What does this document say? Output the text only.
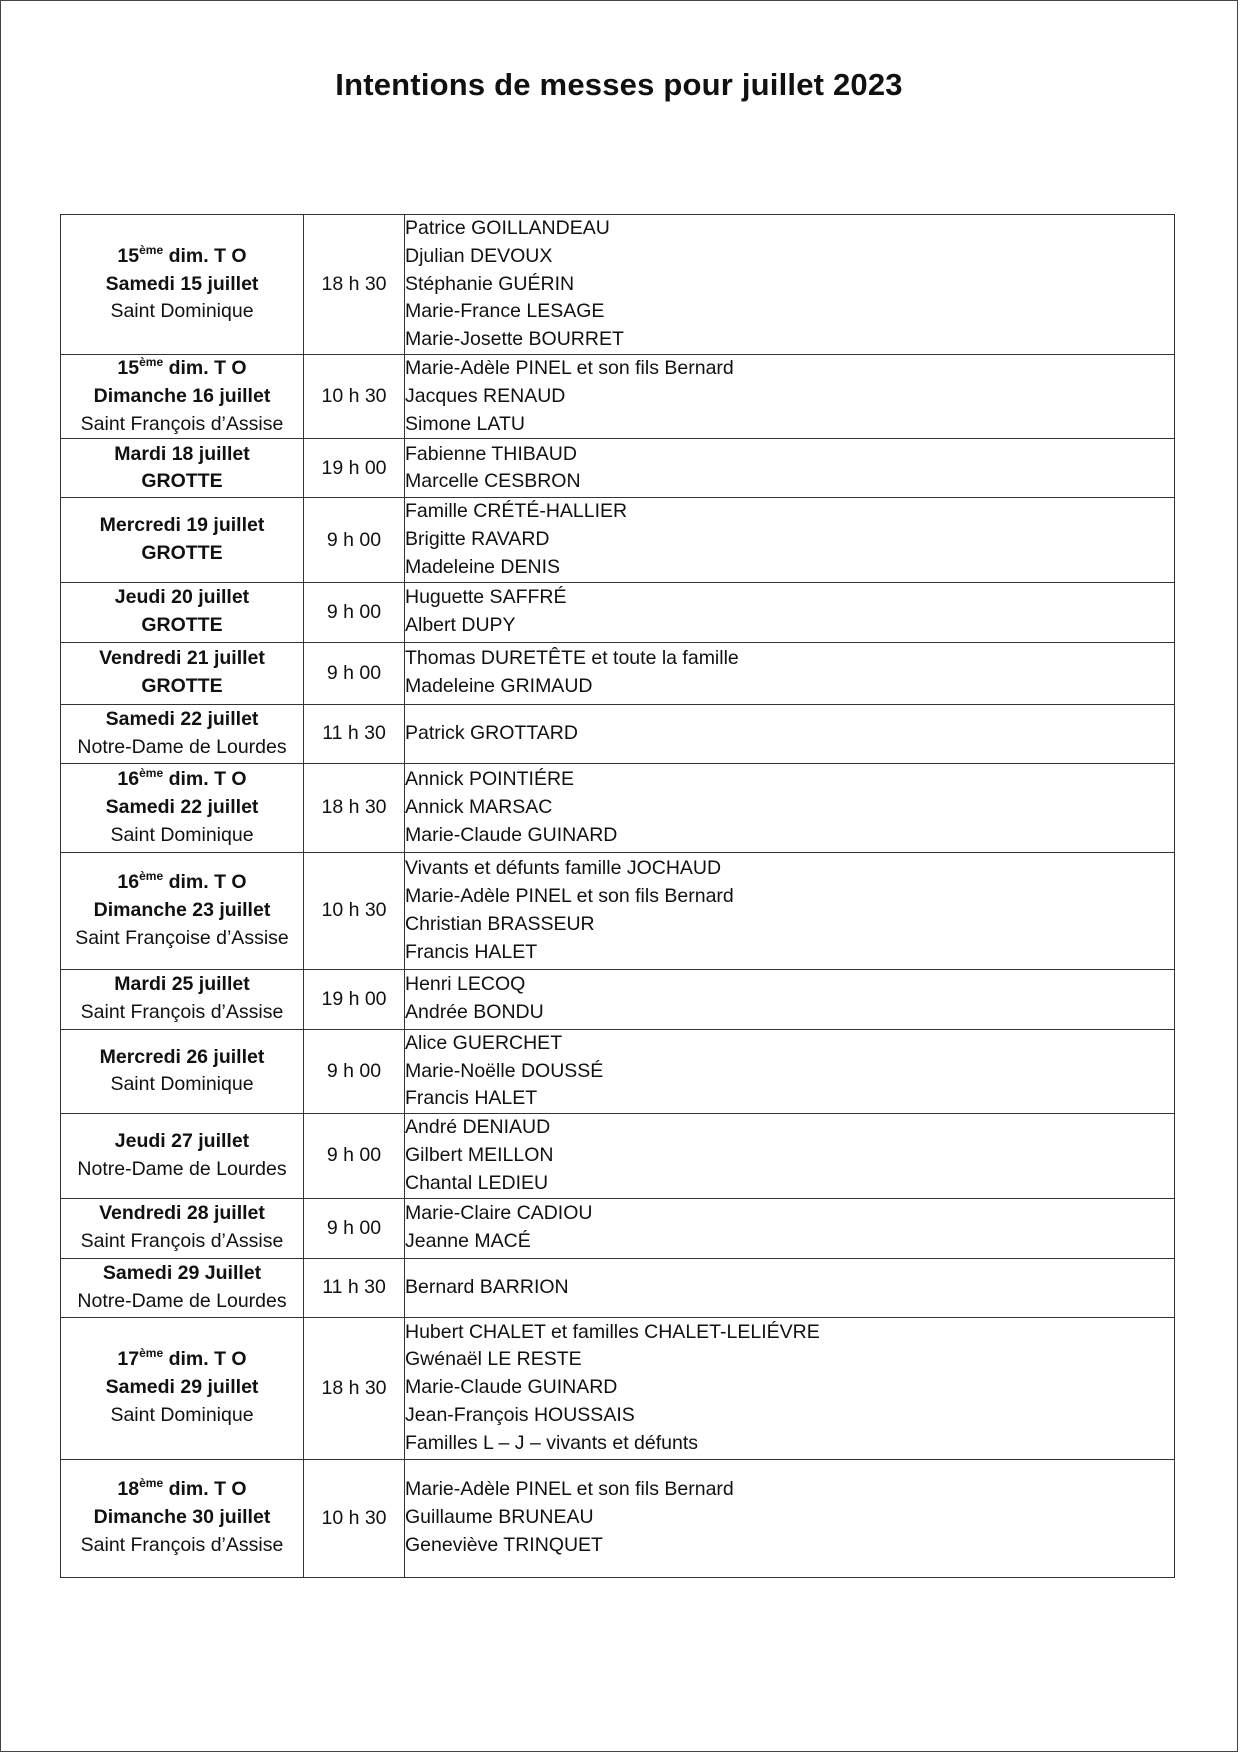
Intentions de messes pour juillet 2023
15ème dim. T O
Samedi 15 juillet
Saint Dominique	18 h 30	Patrice GOILLANDEAU
Djulian DEVOUX
Stéphanie GUÉRIN
Marie-France LESAGE
Marie-Josette BOURRET

15ème dim. T O
Dimanche 16 juillet
Saint François d’Assise	10 h 30	Marie-Adèle PINEL et son fils Bernard
Jacques RENAUD
Simone LATU

Mardi 18 juillet
GROTTE	19 h 00	Fabienne THIBAUD
Marcelle CESBRON

Mercredi 19 juillet
GROTTE	9 h 00	Famille CRÉTÉ-HALLIER
Brigitte RAVARD
Madeleine DENIS

Jeudi 20 juillet
GROTTE	9 h 00	Huguette SAFFRÉ
Albert DUPY

Vendredi 21 juillet
GROTTE	9 h 00	Thomas DURETÊTE et toute la famille
Madeleine GRIMAUD

Samedi 22 juillet
Notre-Dame de Lourdes	11 h 30	Patrick GROTTARD

16ème dim. T O
Samedi 22 juillet
Saint Dominique	18 h 30	Annick POINTIÉRE
Annick MARSAC
Marie-Claude GUINARD

16ème dim. T O
Dimanche 23 juillet
Saint Françoise d’Assise	10 h 30	Vivants et défunts famille JOCHAUD
Marie-Adèle PINEL et son fils Bernard
Christian BRASSEUR
Francis HALET

Mardi 25 juillet
Saint François d’Assise	19 h 00	Henri LECOQ
Andrée BONDU

Mercredi 26 juillet
Saint Dominique	9 h 00	Alice GUERCHET
Marie-Noëlle DOUSSÉ
Francis HALET

Jeudi 27 juillet
Notre-Dame de Lourdes	9 h 00	André DENIAUD
Gilbert MEILLON
Chantal LEDIEU

Vendredi 28 juillet
Saint François d’Assise	9 h 00	Marie-Claire CADIOU
Jeanne MACÉ

Samedi 29 Juillet
Notre-Dame de Lourdes	11 h 30	Bernard BARRION

17ème dim. T O
Samedi 29 juillet
Saint Dominique	18 h 30	Hubert CHALET et familles CHALET-LELIÉVRE
Gwénaël LE RESTE
Marie-Claude GUINARD
Jean-François HOUSSAIS
Familles L – J – vivants et défunts

18ème dim. T O
Dimanche 30 juillet
Saint François d’Assise	10 h 30	Marie-Adèle PINEL et son fils Bernard
Guillaume BRUNEAU
Geneviève TRINQUET
